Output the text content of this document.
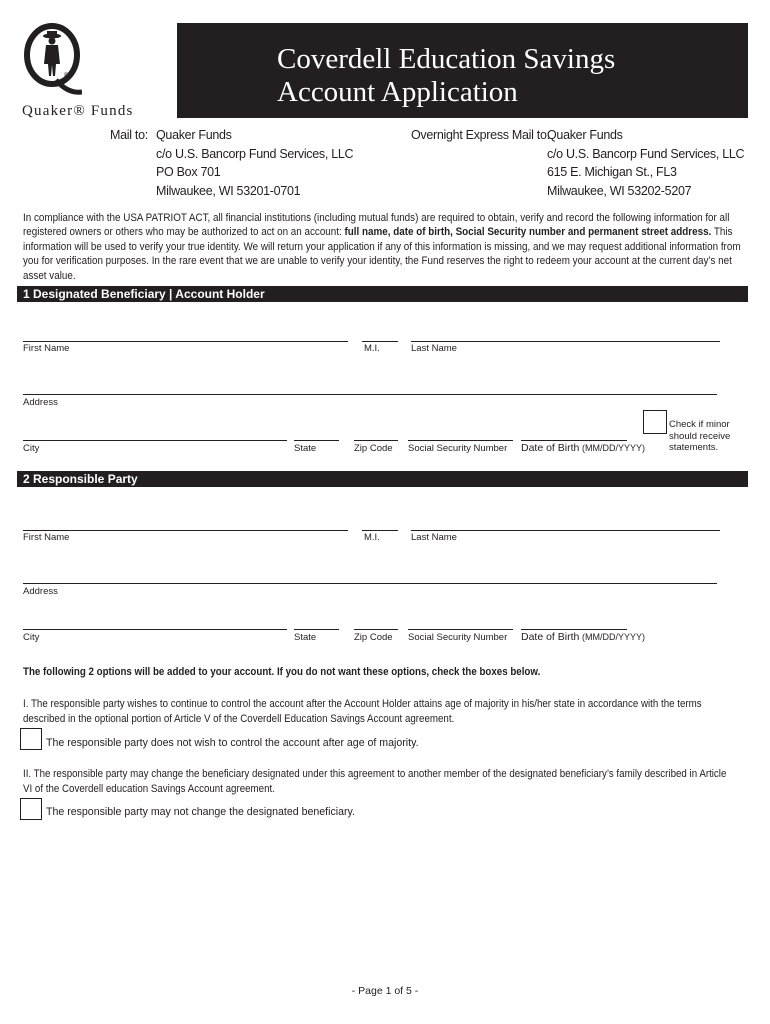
®
Quaker® Funds
Coverdell Education Savings
Account Application
Mail to: Quaker Funds
c/o U.S. Bancorp Fund Services, LLC
PO Box 701
Milwaukee, WI 53201-0701
Overnight Express Mail to:
Quaker Funds
c/o U.S. Bancorp Fund Services, LLC
615 E. Michigan St., FL3
Milwaukee, WI 53202-5207
In compliance with the USA PATRIOT ACT, all financial institutions (including mutual funds) are required to obtain, verify and record the following information for all registered owners or others who may be authorized to act on an account: full name, date of birth, Social Security number and permanent street address. This information will be used to verify your true identity. We will return your application if any of this information is missing, and we may request additional information from you for verification purposes. In the rare event that we are unable to verify your identity, the Fund reserves the right to redeem your account at the current day’s net asset value.
1 Designated Beneficiary | Account Holder
First Name	M.I.	Last Name
Address
City	State	Zip Code Social Security Number Date of Birth (MM/DD/YYYY)
Check if minor
should receive
statements.
2 Responsible Party
First Name	M.I.	Last Name
Address
City	State	Zip Code Social Security Number Date of Birth (MM/DD/YYYY)
The following 2 options will be added to your account. If you do not want these options, check the boxes below.
I. The responsible party wishes to continue to control the account after the Account Holder attains age of majority in his/her state in accordance with the terms described in the optional portion of Article V of the Coverdell Education Savings Account agreement.
The responsible party does not wish to control the account after age of majority.
II. The responsible party may change the beneficiary designated under this agreement to another member of the designated beneficiary’s family described in Article VI of the Coverdell education Savings Account agreement.
The responsible party may not change the designated beneficiary.
- Page 1 of 5 -
